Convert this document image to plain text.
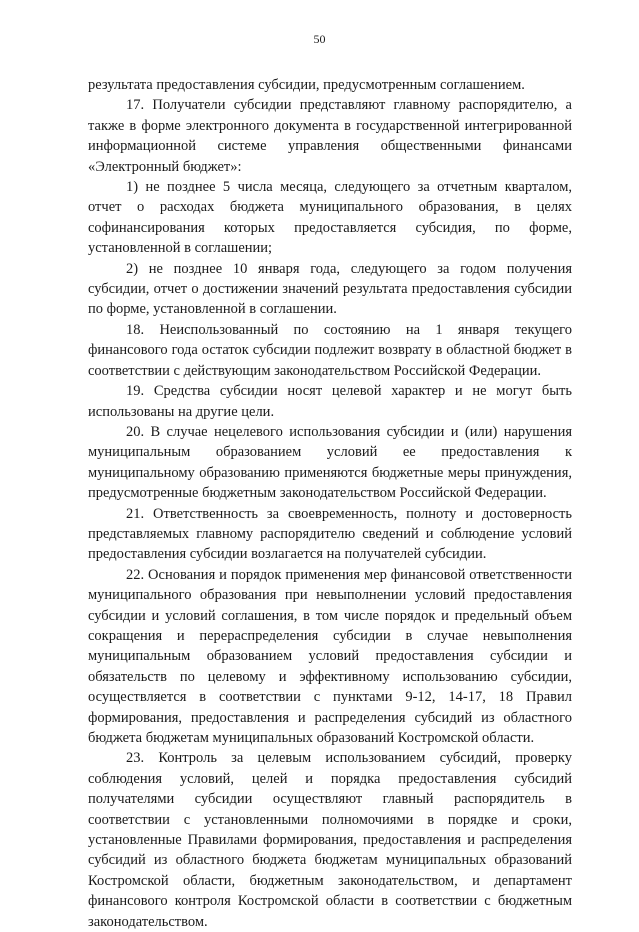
50

результата предоставления субсидии, предусмотренным соглашением.

17. Получатели субсидии представляют главному распорядителю, а также в форме электронного документа в государственной интегрированной информационной системе управления общественными финансами «Электронный бюджет»:

1) не позднее 5 числа месяца, следующего за отчетным кварталом, отчет о расходах бюджета муниципального образования, в целях софинансирования которых предоставляется субсидия, по форме, установленной в соглашении;

2) не позднее 10 января года, следующего за годом получения субсидии, отчет о достижении значений результата предоставления субсидии по форме, установленной в соглашении.

18. Неиспользованный по состоянию на 1 января текущего финансового года остаток субсидии подлежит возврату в областной бюджет в соответствии с действующим законодательством Российской Федерации.

19. Средства субсидии носят целевой характер и не могут быть использованы на другие цели.

20. В случае нецелевого использования субсидии и (или) нарушения муниципальным образованием условий ее предоставления к муниципальному образованию применяются бюджетные меры принуждения, предусмотренные бюджетным законодательством Российской Федерации.

21. Ответственность за своевременность, полноту и достоверность представляемых главному распорядителю сведений и соблюдение условий предоставления субсидии возлагается на получателей субсидии.

22. Основания и порядок применения мер финансовой ответственности муниципального образования при невыполнении условий предоставления субсидии и условий соглашения, в том числе порядок и предельный объем сокращения и перераспределения субсидии в случае невыполнения муниципальным образованием условий предоставления субсидии и обязательств по целевому и эффективному использованию субсидии, осуществляется в соответствии с пунктами 9-12, 14-17, 18 Правил формирования, предоставления и распределения субсидий из областного бюджета бюджетам муниципальных образований Костромской области.

23. Контроль за целевым использованием субсидий, проверку соблюдения условий, целей и порядка предоставления субсидий получателями субсидии осуществляют главный распорядитель в соответствии с установленными полномочиями в порядке и сроки, установленные Правилами формирования, предоставления и распределения субсидий из областного бюджета бюджетам муниципальных образований Костромской области, бюджетным законодательством, и департамент финансового контроля Костромской области в соответствии с бюджетным законодательством.
